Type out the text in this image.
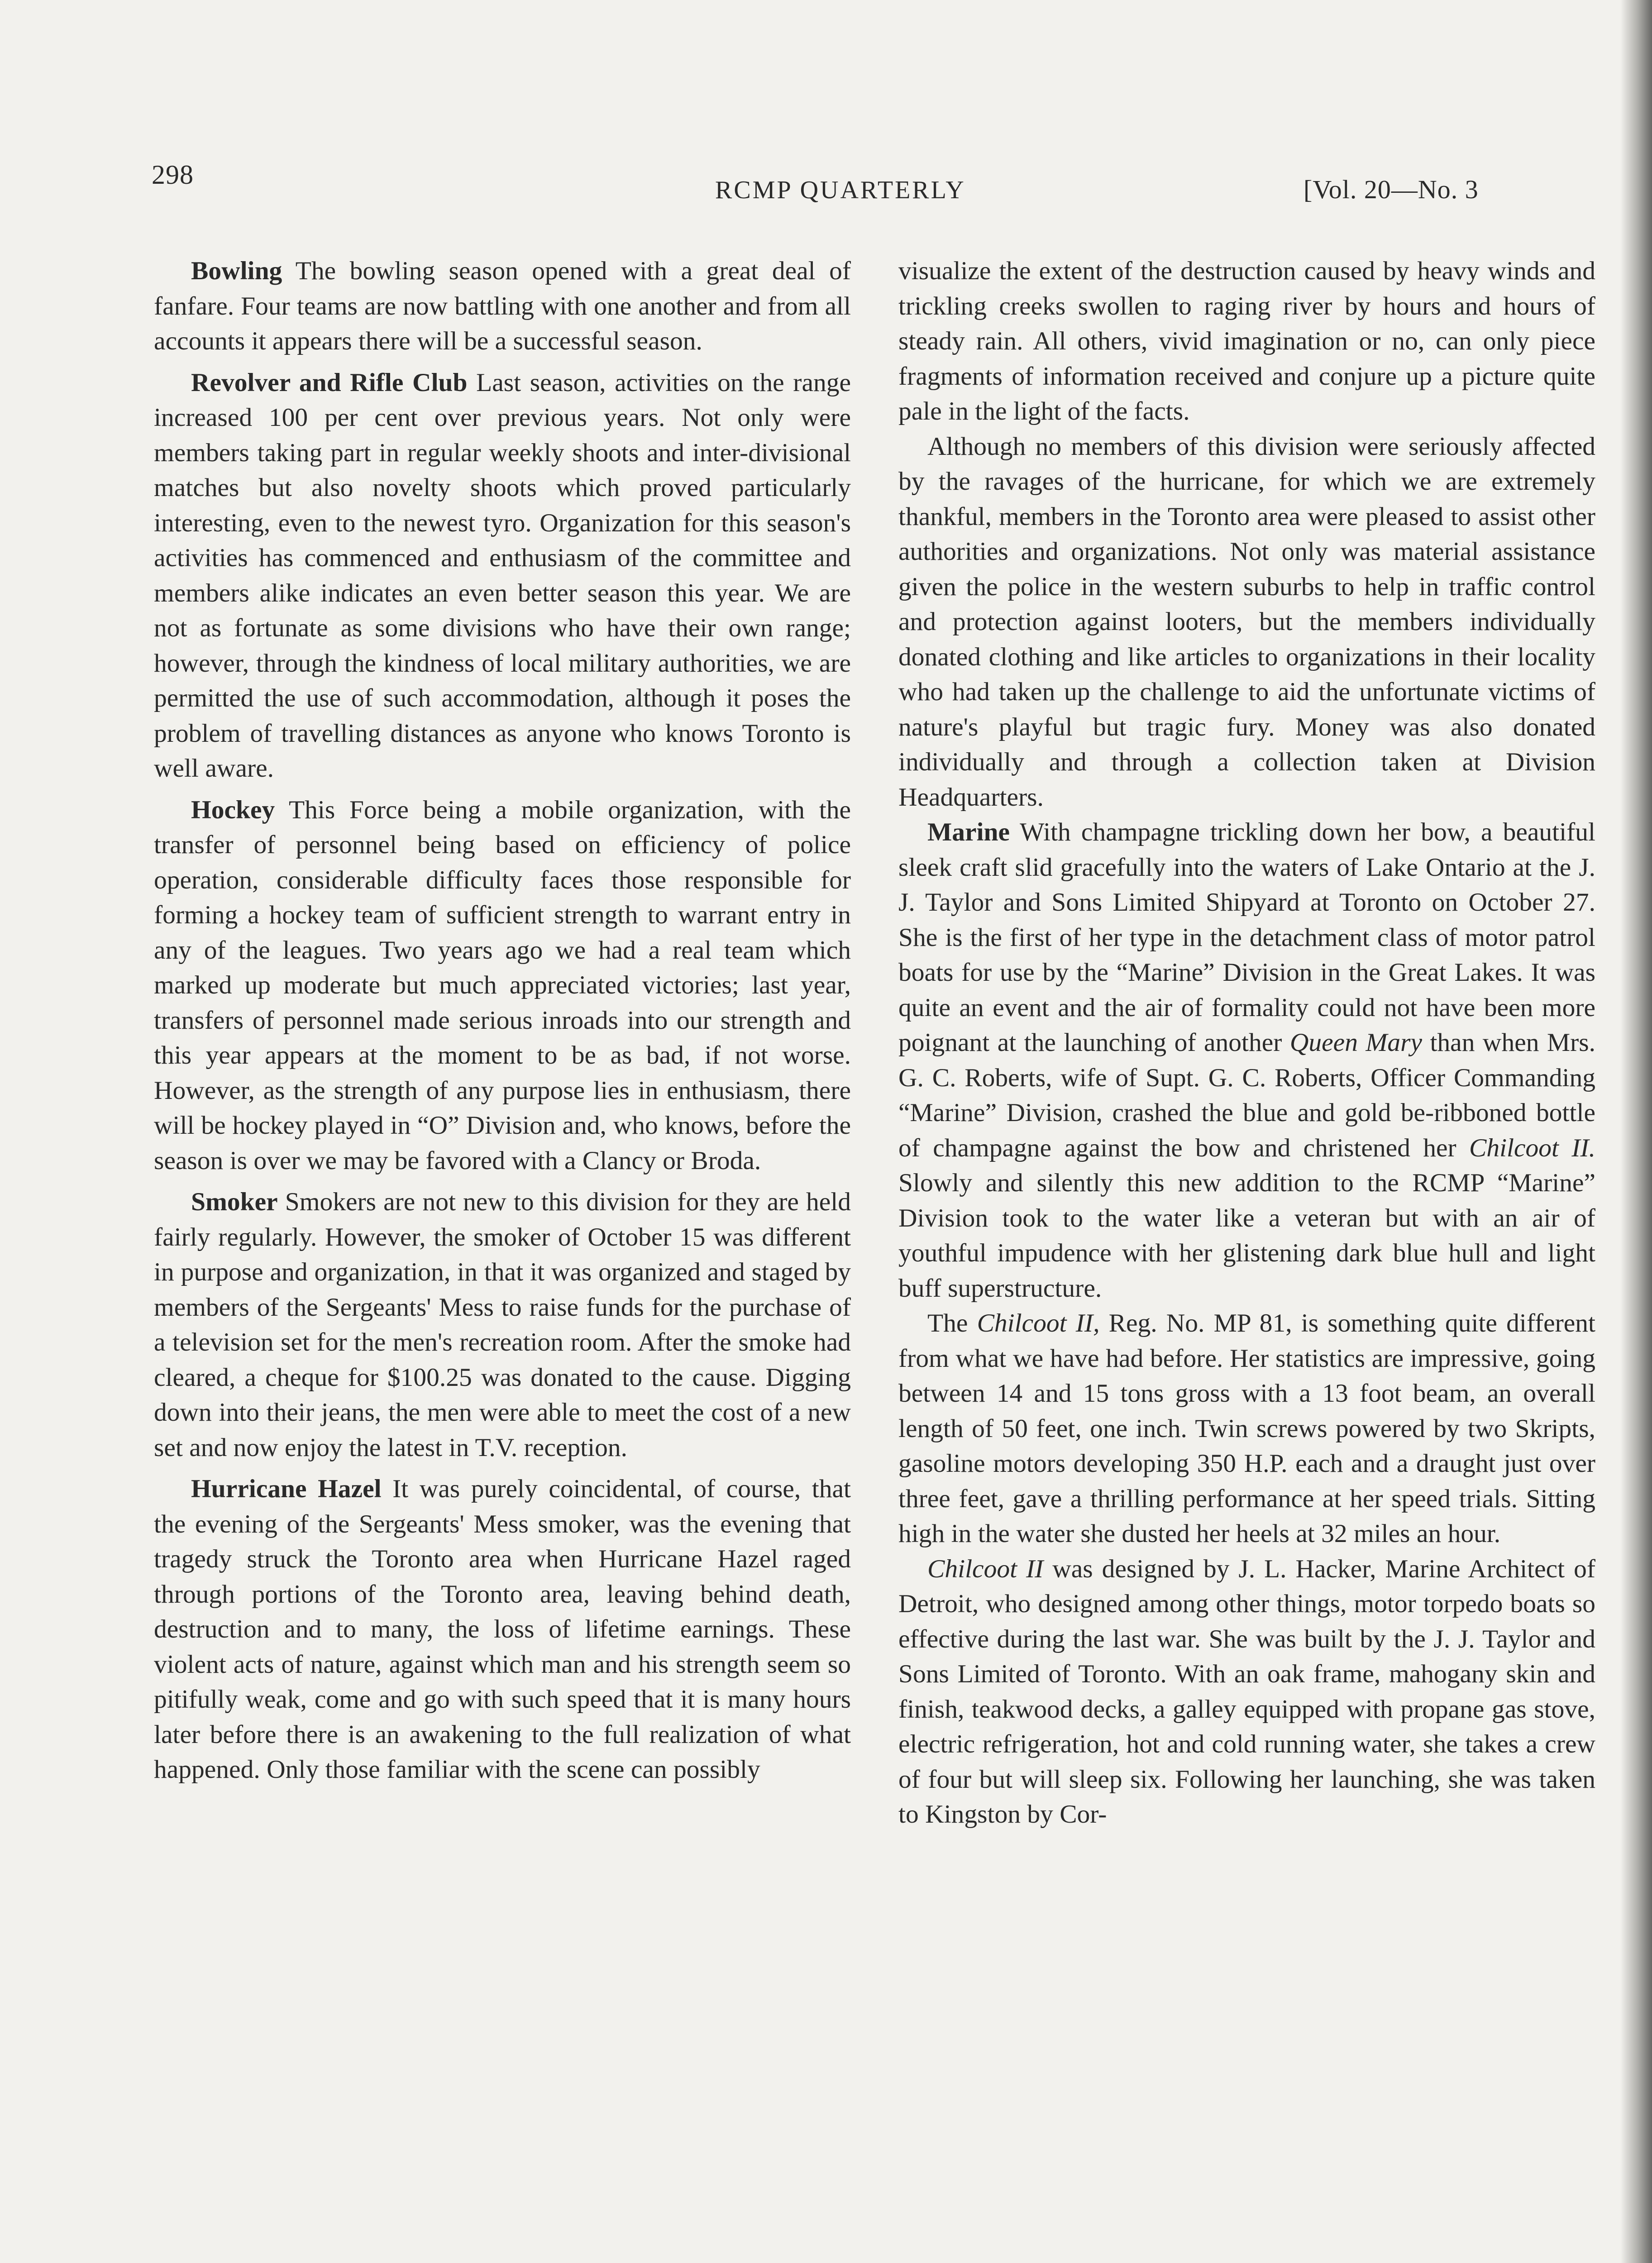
298
RCMP QUARTERLY	[Vol. 20—No. 3

Bowling The bowling season opened with a great deal of fanfare. Four teams are now battling with one another and from all accounts it appears there will be a successful season.

Revolver and Rifle Club Last season, activities on the range increased 100 per cent over previous years. Not only were members taking part in regular weekly shoots and inter-divisional matches but also novelty shoots which proved particularly interesting, even to the newest tyro. Organization for this season's activities has commenced and enthusiasm of the committee and members alike indicates an even better season this year. We are not as fortunate as some divisions who have their own range; however, through the kindness of local military authorities, we are permitted the use of such accommodation, although it poses the problem of travelling distances as anyone who knows Toronto is well aware.

Hockey This Force being a mobile organization, with the transfer of personnel being based on efficiency of police operation, considerable difficulty faces those responsible for forming a hockey team of sufficient strength to warrant entry in any of the leagues. Two years ago we had a real team which marked up moderate but much appreciated victories; last year, transfers of personnel made serious inroads into our strength and this year appears at the moment to be as bad, if not worse. However, as the strength of any purpose lies in enthusiasm, there will be hockey played in “O” Division and, who knows, before the season is over we may be favored with a Clancy or Broda.

Smoker Smokers are not new to this division for they are held fairly regularly. However, the smoker of October 15 was different in purpose and organization, in that it was organized and staged by members of the Sergeants' Mess to raise funds for the purchase of a television set for the men's recreation room. After the smoke had cleared, a cheque for $100.25 was donated to the cause. Digging down into their jeans, the men were able to meet the cost of a new set and now enjoy the latest in T.V. reception.

Hurricane Hazel It was purely coincidental, of course, that the evening of the Sergeants' Mess smoker, was the evening that tragedy struck the Toronto area when Hurricane Hazel raged through portions of the Toronto area, leaving behind death, destruction and to many, the loss of lifetime earnings. These violent acts of nature, against which man and his strength seem so pitifully weak, come and go with such speed that it is many hours later before there is an awakening to the full realization of what happened. Only those familiar with the scene can possibly

visualize the extent of the destruction caused by heavy winds and trickling creeks swollen to raging river by hours and hours of steady rain. All others, vivid imagination or no, can only piece fragments of information received and conjure up a picture quite pale in the light of the facts.

Although no members of this division were seriously affected by the ravages of the hurricane, for which we are extremely thankful, members in the Toronto area were pleased to assist other authorities and organizations. Not only was material assistance given the police in the western suburbs to help in traffic control and protection against looters, but the members individually donated clothing and like articles to organizations in their locality who had taken up the challenge to aid the unfortunate victims of nature's playful but tragic fury. Money was also donated individually and through a collection taken at Division Headquarters.

Marine With champagne trickling down her bow, a beautiful sleek craft slid gracefully into the waters of Lake Ontario at the J. J. Taylor and Sons Limited Shipyard at Toronto on October 27. She is the first of her type in the detachment class of motor patrol boats for use by the “Marine” Division in the Great Lakes. It was quite an event and the air of formality could not have been more poignant at the launching of another Queen Mary than when Mrs. G. C. Roberts, wife of Supt. G. C. Roberts, Officer Commanding “Marine” Division, crashed the blue and gold be-ribboned bottle of champagne against the bow and christened her Chilcoot II. Slowly and silently this new addition to the RCMP “Marine” Division took to the water like a veteran but with an air of youthful impudence with her glistening dark blue hull and light buff superstructure.

The Chilcoot II, Reg. No. MP 81, is something quite different from what we have had before. Her statistics are impressive, going between 14 and 15 tons gross with a 13 foot beam, an overall length of 50 feet, one inch. Twin screws powered by two Skripts, gasoline motors developing 350 H.P. each and a draught just over three feet, gave a thrilling performance at her speed trials. Sitting high in the water she dusted her heels at 32 miles an hour.

Chilcoot II was designed by J. L. Hacker, Marine Architect of Detroit, who designed among other things, motor torpedo boats so effective during the last war. She was built by the J. J. Taylor and Sons Limited of Toronto. With an oak frame, mahogany skin and finish, teakwood decks, a galley equipped with propane gas stove, electric refrigeration, hot and cold running water, she takes a crew of four but will sleep six. Following her launching, she was taken to Kingston by Cor-
